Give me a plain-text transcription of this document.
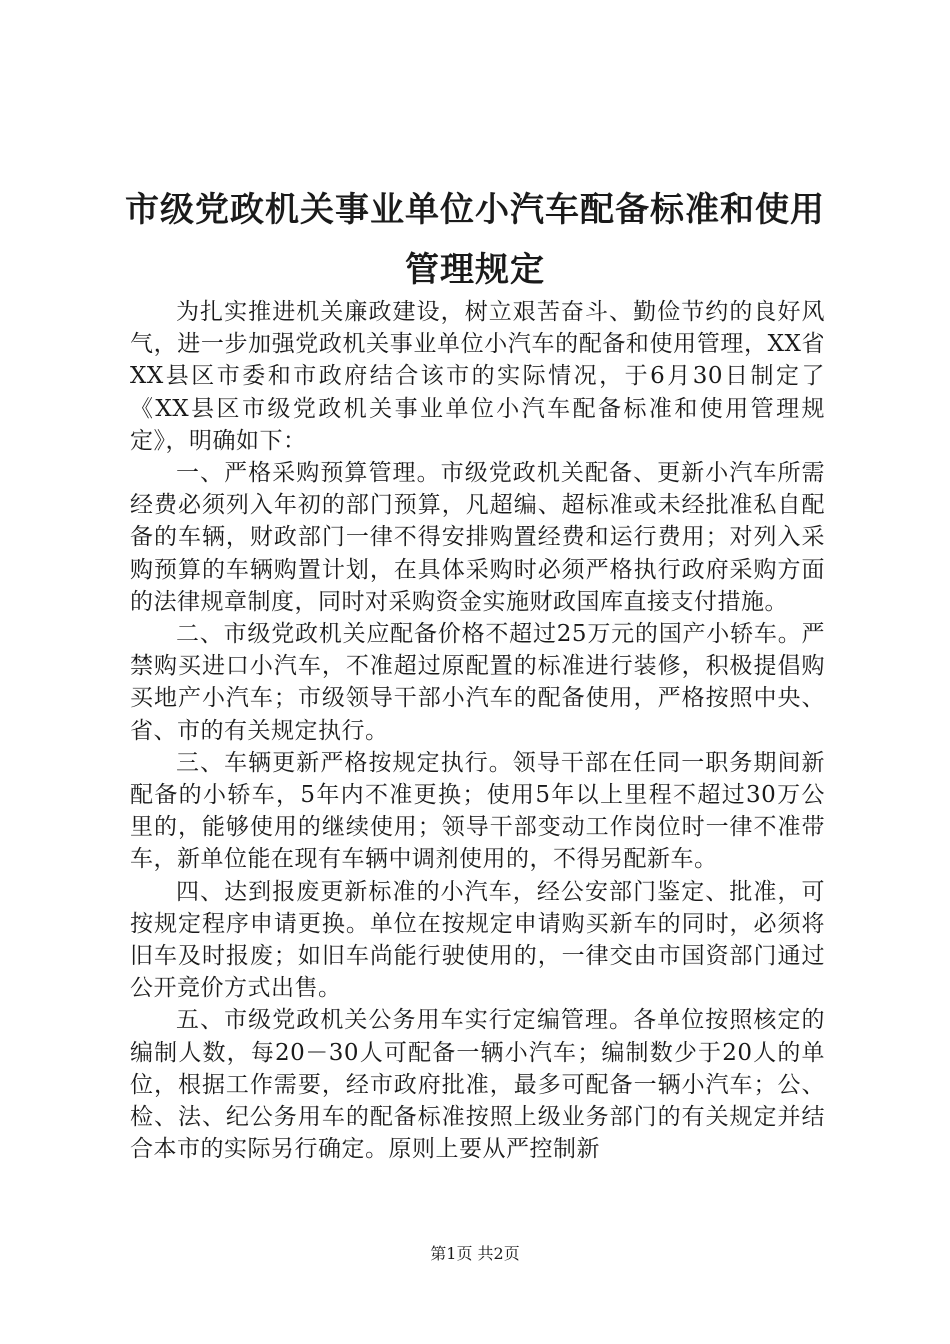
市级党政机关事业单位小汽车配备标准和使用
管理规定

为扎实推进机关廉政建设，树立艰苦奋斗、勤俭节约的良好风气，进一步加强党政机关事业单位小汽车的配备和使用管理，XX省XX县区市委和市政府结合该市的实际情况，于6月30日制定了《XX县区市级党政机关事业单位小汽车配备标准和使用管理规定》，明确如下：

一、严格采购预算管理。市级党政机关配备、更新小汽车所需经费必须列入年初的部门预算，凡超编、超标准或未经批准私自配备的车辆，财政部门一律不得安排购置经费和运行费用；对列入采购预算的车辆购置计划，在具体采购时必须严格执行政府采购方面的法律规章制度，同时对采购资金实施财政国库直接支付措施。

二、市级党政机关应配备价格不超过25万元的国产小轿车。严禁购买进口小汽车，不准超过原配置的标准进行装修，积极提倡购买地产小汽车；市级领导干部小汽车的配备使用，严格按照中央、省、市的有关规定执行。

三、车辆更新严格按规定执行。领导干部在任同一职务期间新配备的小轿车，5年内不准更换；使用5年以上里程不超过30万公里的，能够使用的继续使用；领导干部变动工作岗位时一律不准带车，新单位能在现有车辆中调剂使用的，不得另配新车。

四、达到报废更新标准的小汽车，经公安部门鉴定、批准，可按规定程序申请更换。单位在按规定申请购买新车的同时，必须将旧车及时报废；如旧车尚能行驶使用的，一律交由市国资部门通过公开竞价方式出售。

五、市级党政机关公务用车实行定编管理。各单位按照核定的编制人数，每20－30人可配备一辆小汽车；编制数少于20人的单位，根据工作需要，经市政府批准，最多可配备一辆小汽车；公、检、法、纪公务用车的配备标准按照上级业务部门的有关规定并结合本市的实际另行确定。原则上要从严控制新

第1页 共2页
